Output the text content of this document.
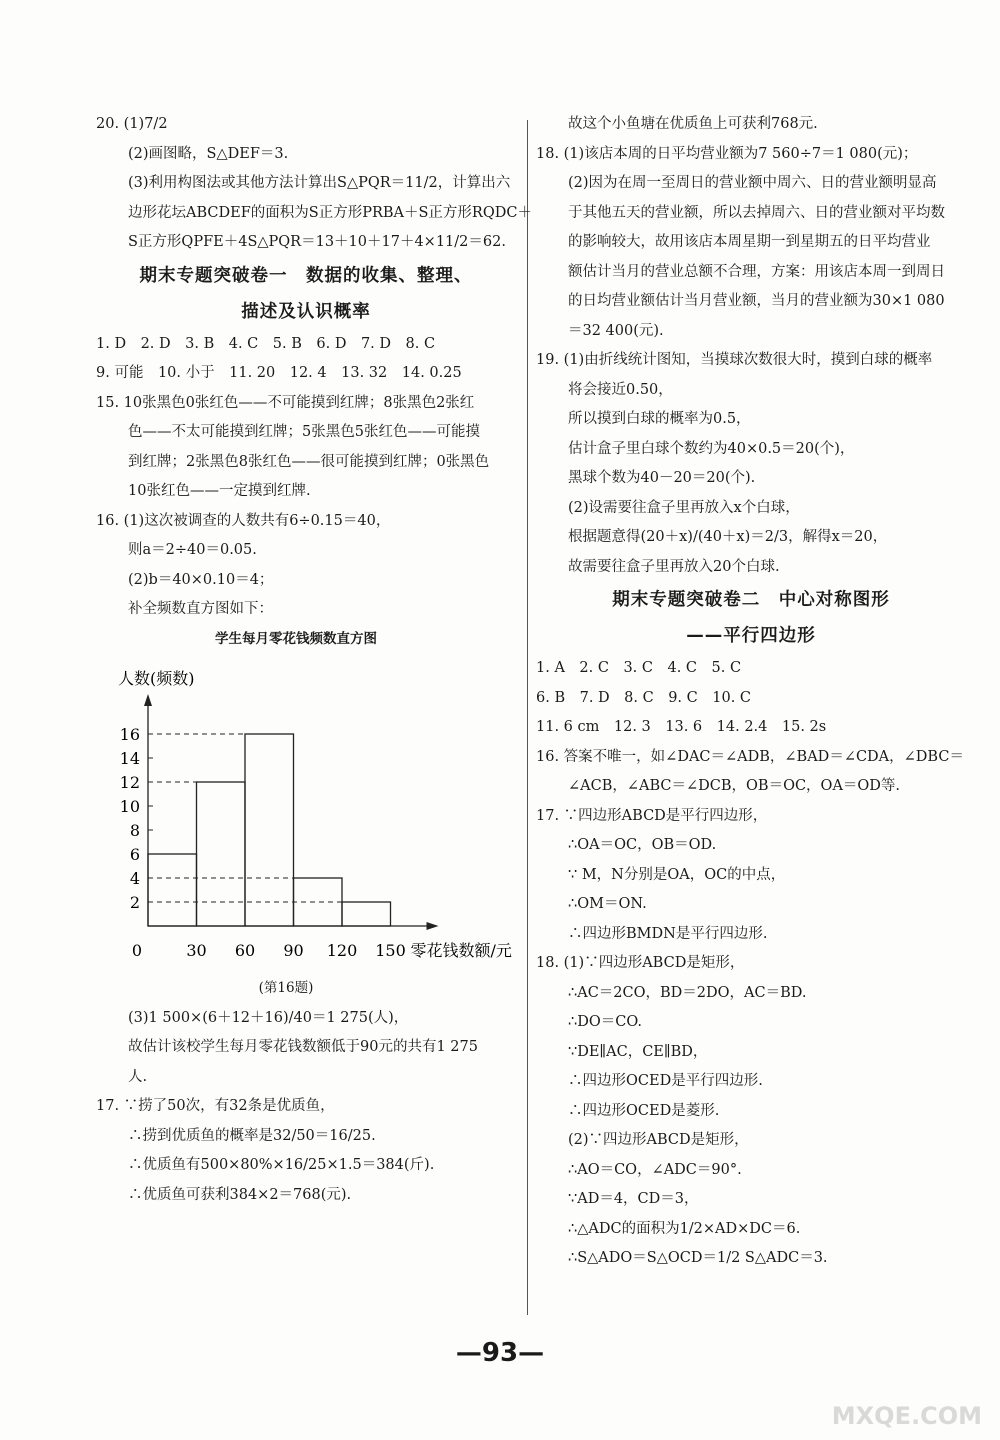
20. (1)7/2
(2)画图略，S△DEF＝3.
(3)利用构图法或其他方法计算出S△PQR＝11/2，计算出六
边形花坛ABCDEF的面积为S正方形PRBA＋S正方形RQDC＋
S正方形QPFE＋4S△PQR＝13＋10＋17＋4×11/2＝62.
期末专题突破卷一　数据的收集、整理、
描述及认识概率
1. D　2. D　3. B　4. C　5. B　6. D　7. D　8. C
9. 可能　10. 小于　11. 20　12. 4　13. 32　14. 0.25
15. 10张黑色0张红色——不可能摸到红牌；8张黑色2张红
色——不太可能摸到红牌；5张黑色5张红色——可能摸
到红牌；2张黑色8张红色——很可能摸到红牌；0张黑色
10张红色——一定摸到红牌.
16. (1)这次被调查的人数共有6÷0.15＝40，
则a＝2÷40＝0.05.
(2)b＝40×0.10＝4；
补全频数直方图如下：
学生每月零花钱频数直方图
人数(频数)
2
4
6
8
10
12
14
16
0	30 60 90 120 150 零花钱数额/元
(第16题)
(3)1 500×(6＋12＋16)/40＝1 275(人)，
故估计该校学生每月零花钱数额低于90元的共有1 275
人.
17. ∵捞了50次，有32条是优质鱼，
∴捞到优质鱼的概率是32/50＝16/25.
∴优质鱼有500×80%×16/25×1.5＝384(斤).
∴优质鱼可获利384×2＝768(元).
故这个小鱼塘在优质鱼上可获利768元.
18. (1)该店本周的日平均营业额为7 560÷7＝1 080(元)；
(2)因为在周一至周日的营业额中周六、日的营业额明显高
于其他五天的营业额，所以去掉周六、日的营业额对平均数
的影响较大，故用该店本周星期一到星期五的日平均营业
额估计当月的营业总额不合理，方案：用该店本周一到周日
的日均营业额估计当月营业额，当月的营业额为30×1 080
＝32 400(元).
19. (1)由折线统计图知，当摸球次数很大时，摸到白球的概率
将会接近0.50，
所以摸到白球的概率为0.5，
估计盒子里白球个数约为40×0.5＝20(个)，
黑球个数为40－20＝20(个).
(2)设需要往盒子里再放入x个白球，
根据题意得(20＋x)/(40＋x)＝2/3，解得x＝20，
故需要往盒子里再放入20个白球.
期末专题突破卷二　中心对称图形
——平行四边形
1. A　2. C　3. C　4. C　5. C
6. B　7. D　8. C　9. C　10. C
11. 6 cm　12. 3　13. 6　14. 2.4　15. 2s
16. 答案不唯一，如∠DAC＝∠ADB，∠BAD＝∠CDA，∠DBC＝
∠ACB，∠ABC＝∠DCB，OB＝OC，OA＝OD等.
17. ∵四边形ABCD是平行四边形，
∴OA＝OC，OB＝OD.
∵ M，N分别是OA，OC的中点，
∴OM＝ON.
∴四边形BMDN是平行四边形.
18. (1)∵四边形ABCD是矩形，
∴AC＝2CO，BD＝2DO，AC＝BD.
∴DO＝CO.
∵DE∥AC，CE∥BD，
∴四边形OCED是平行四边形.
∴四边形OCED是菱形.
(2)∵四边形ABCD是矩形，
∴AO＝CO，∠ADC＝90°.
∵AD＝4，CD＝3，
∴△ADC的面积为1/2×AD×DC＝6.
∴S△ADO＝S△OCD＝1/2 S△ADC＝3.
—93—
MXQE.COM
